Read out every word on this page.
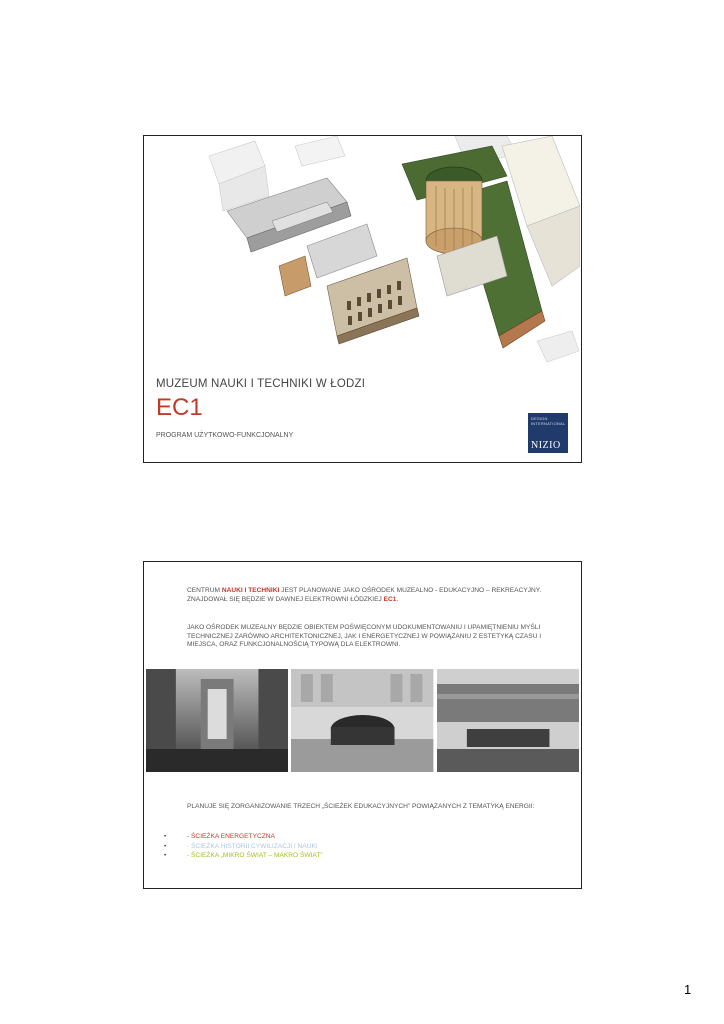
MUZEUM NAUKI I TECHNIKI W ŁODZI
EC1
PROGRAM UŻYTKOWO-FUNKCJONALNY
DESIGN INTERNATIONAL
NIZIO
CENTRUM NAUKI I TECHNIKI JEST PLANOWANE JAKO OŚRODEK MUZEALNO - EDUKACYJNO – REKREACYJNY.
ZNAJDOWAŁ SIĘ BĘDZIE W DAWNEJ ELEKTROWNI ŁÓDZKIEJ EC1.
JAKO OŚRODEK MUZEALNY BĘDZIE OBIEKTEM POŚWIĘCONYM UDOKUMENTOWANIU I UPAMIĘTNIENIU MYŚLI TECHNICZNEJ ZARÓWNO ARCHITEKTONICZNEJ, JAK I ENERGETYCZNEJ W POWIĄZANIU Z ESTETYKĄ CZASU I MIEJSCA, ORAZ FUNKCJONALNOŚCIĄ TYPOWĄ DLA ELEKTROWNI.
PLANUJE SIĘ ZORGANIZOWANIE TRZECH „ŚCIEŻEK EDUKACYJNYCH” POWIĄZANYCH Z TEMATYKĄ ENERGII:
•	- ŚCIEŻKA ENERGETYCZNA
•	- ŚCIEŻKA HISTORII CYWILIZACJI I NAUKI
•	- ŚCIEŻKA „MIKRO ŚWIAT – MAKRO ŚWIAT”
1
